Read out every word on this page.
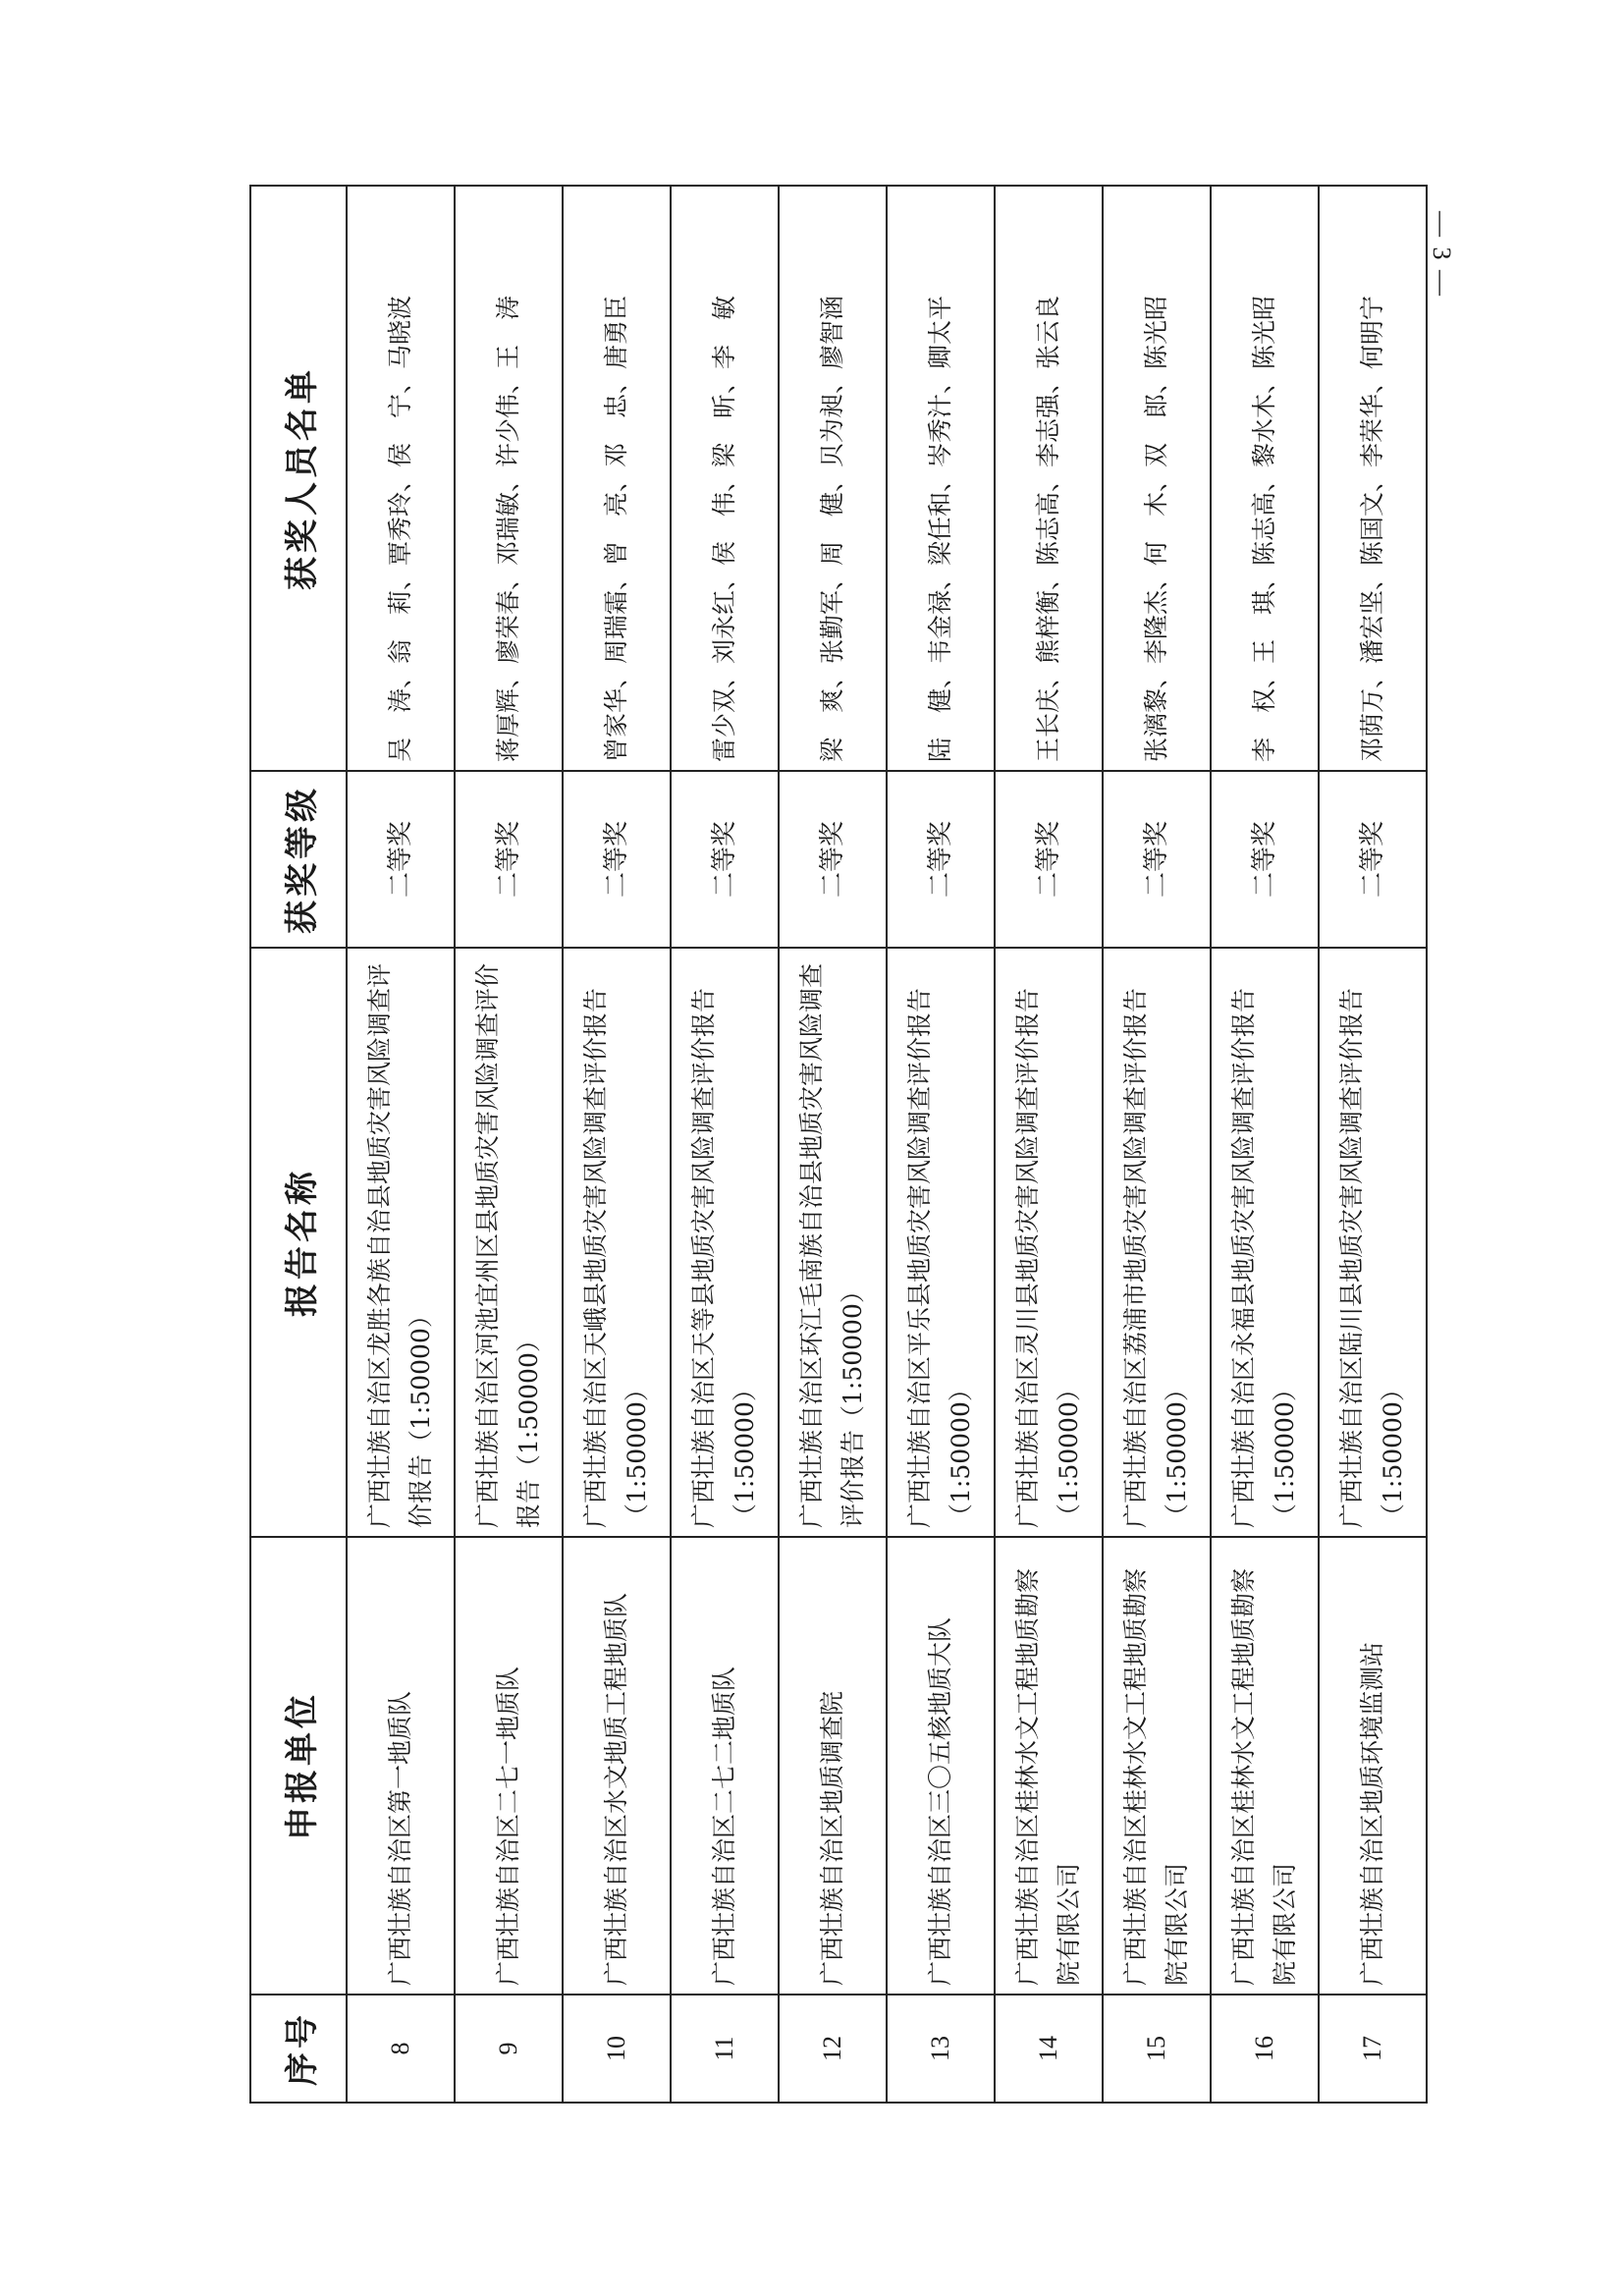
— 3 —
序号	申报单位	报告名称	获奖等级	获奖人员名单
8	广西壮族自治区第一地质队	广西壮族自治区龙胜各族自治县地质灾害风险调查评价报告（1:50000）	二等奖	吴　涛、翁　莉、覃秀玲、侯　宁、马晓波
9	广西壮族自治区二七一地质队	广西壮族自治区河池宜州区县地质灾害风险调查评价报告（1:50000）	二等奖	蒋厚辉、廖荣春、邓瑞敏、许少伟、王　涛
10	广西壮族自治区水文地质工程地质队	广西壮族自治区天峨县地质灾害风险调查评价报告（1:50000）	二等奖	曾家华、周瑞霜、曾　亮、邓　忠、唐勇臣
11	广西壮族自治区二七二地质队	广西壮族自治区天等县地质灾害风险调查评价报告（1:50000）	二等奖	雷少双、刘永红、侯　伟、梁　昕、李　敏
12	广西壮族自治区地质调查院	广西壮族自治区环江毛南族自治县地质灾害风险调查评价报告（1:50000）	二等奖	梁　爽、张勤军、周　健、贝为昶、廖智涵
13	广西壮族自治区三〇五核地质大队	广西壮族自治区平乐县地质灾害风险调查评价报告（1:50000）	二等奖	陆　健、韦金禄、梁任和、岑秀汁、卿太平
14	广西壮族自治区桂林水文工程地质勘察院有限公司	广西壮族自治区灵川县地质灾害风险调查评价报告（1:50000）	二等奖	王长庆、熊梓衡、陈志高、李志强、张云良
15	广西壮族自治区桂林水文工程地质勘察院有限公司	广西壮族自治区荔浦市地质灾害风险调查评价报告（1:50000）	二等奖	张漓黎、李隆杰、何　木、双　郎、陈光昭
16	广西壮族自治区桂林水文工程地质勘察院有限公司	广西壮族自治区永福县地质灾害风险调查评价报告（1:50000）	二等奖	李　权、王　琪、陈志高、黎水木、陈光昭
17	广西壮族自治区地质环境监测站	广西壮族自治区陆川县地质灾害风险调查评价报告（1:50000）	二等奖	邓荫万、潘宏坚、陈国文、李荣华、何明宁
